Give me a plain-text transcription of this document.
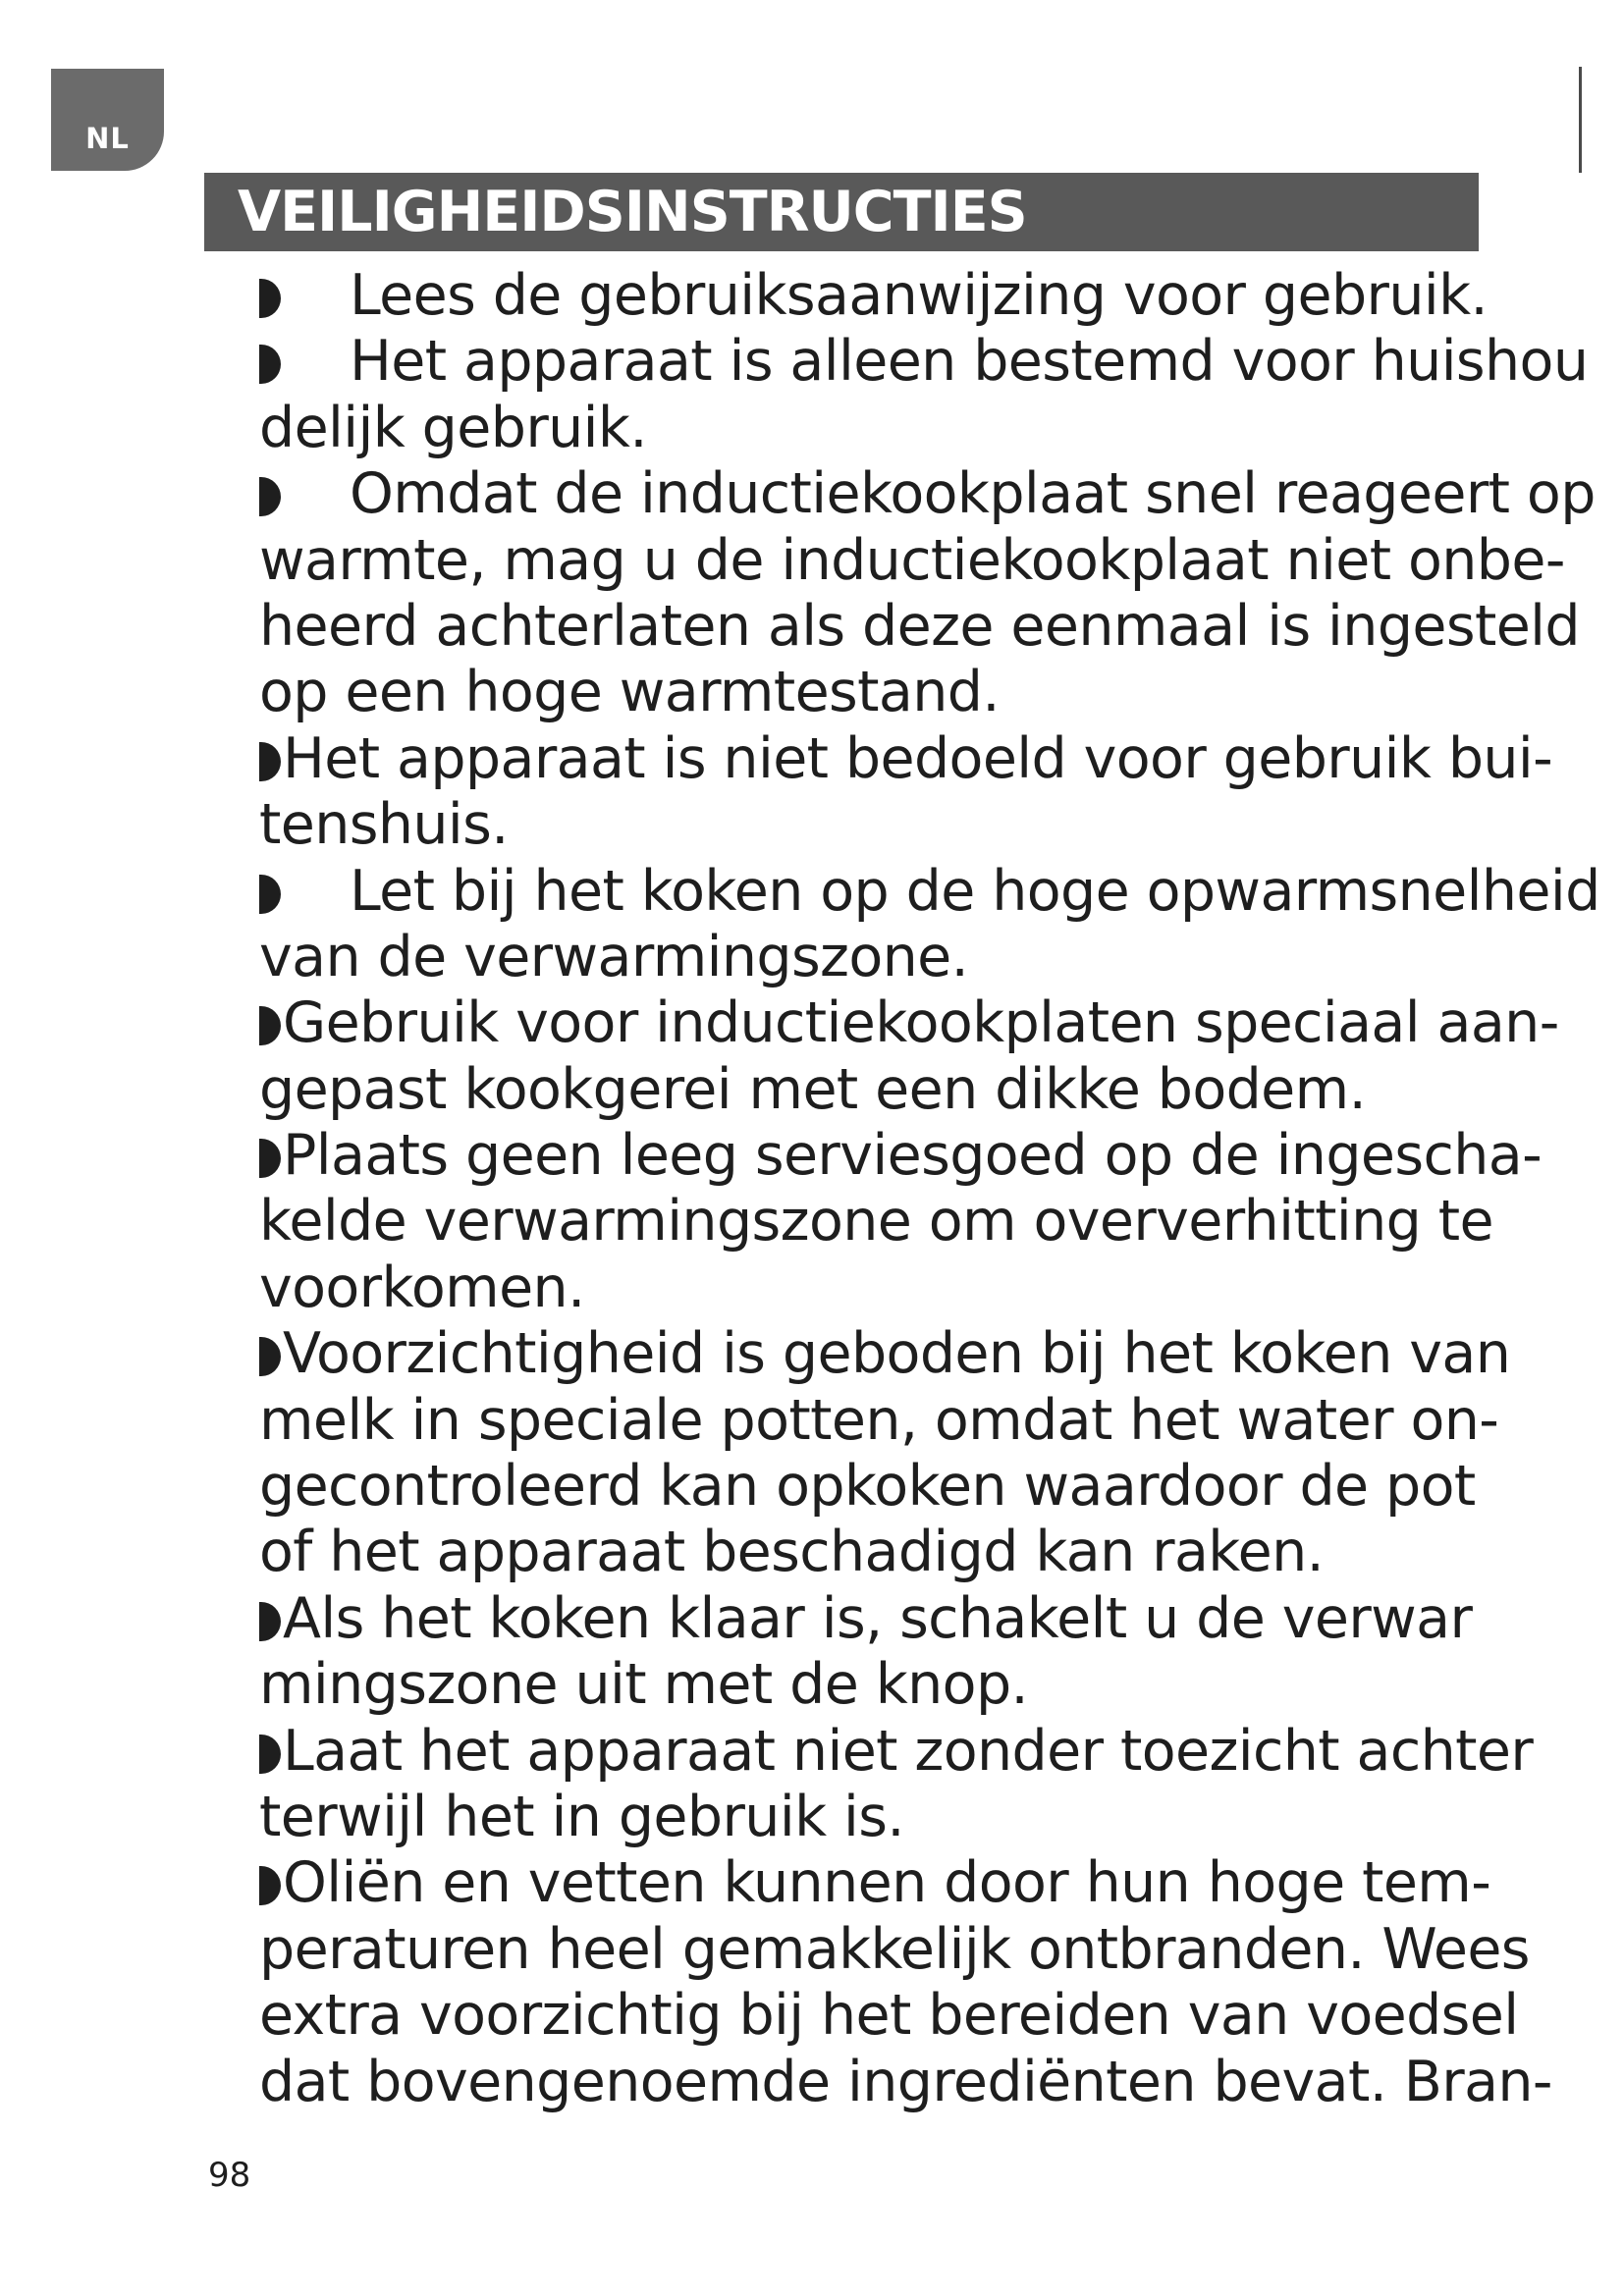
NL
VEILIGHEIDSINSTRUCTIES
Lees de gebruiksaanwijzing voor gebruik.
Het apparaat is alleen bestemd voor huishou
delijk gebruik.
Omdat de inductiekookplaat snel reageert op
warmte, mag u de inductiekookplaat niet onbe-
heerd achterlaten als deze eenmaal is ingesteld
op een hoge warmtestand.
Het apparaat is niet bedoeld voor gebruik bui-
tenshuis.
Let bij het koken op de hoge opwarmsnelheid
van de verwarmingszone.
Gebruik voor inductiekookplaten speciaal aan-
gepast kookgerei met een dikke bodem.
Plaats geen leeg serviesgoed op de ingescha-
kelde verwarmingszone om oververhitting te
voorkomen.
Voorzichtigheid is geboden bij het koken van
melk in speciale potten, omdat het water on-
gecontroleerd kan opkoken waardoor de pot
of het apparaat beschadigd kan raken.
Als het koken klaar is, schakelt u de verwar
mingszone uit met de knop.
Laat het apparaat niet zonder toezicht achter
terwijl het in gebruik is.
Oliën en vetten kunnen door hun hoge tem-
peraturen heel gemakkelijk ontbranden. Wees
extra voorzichtig bij het bereiden van voedsel
dat bovengenoemde ingrediënten bevat. Bran-
98
